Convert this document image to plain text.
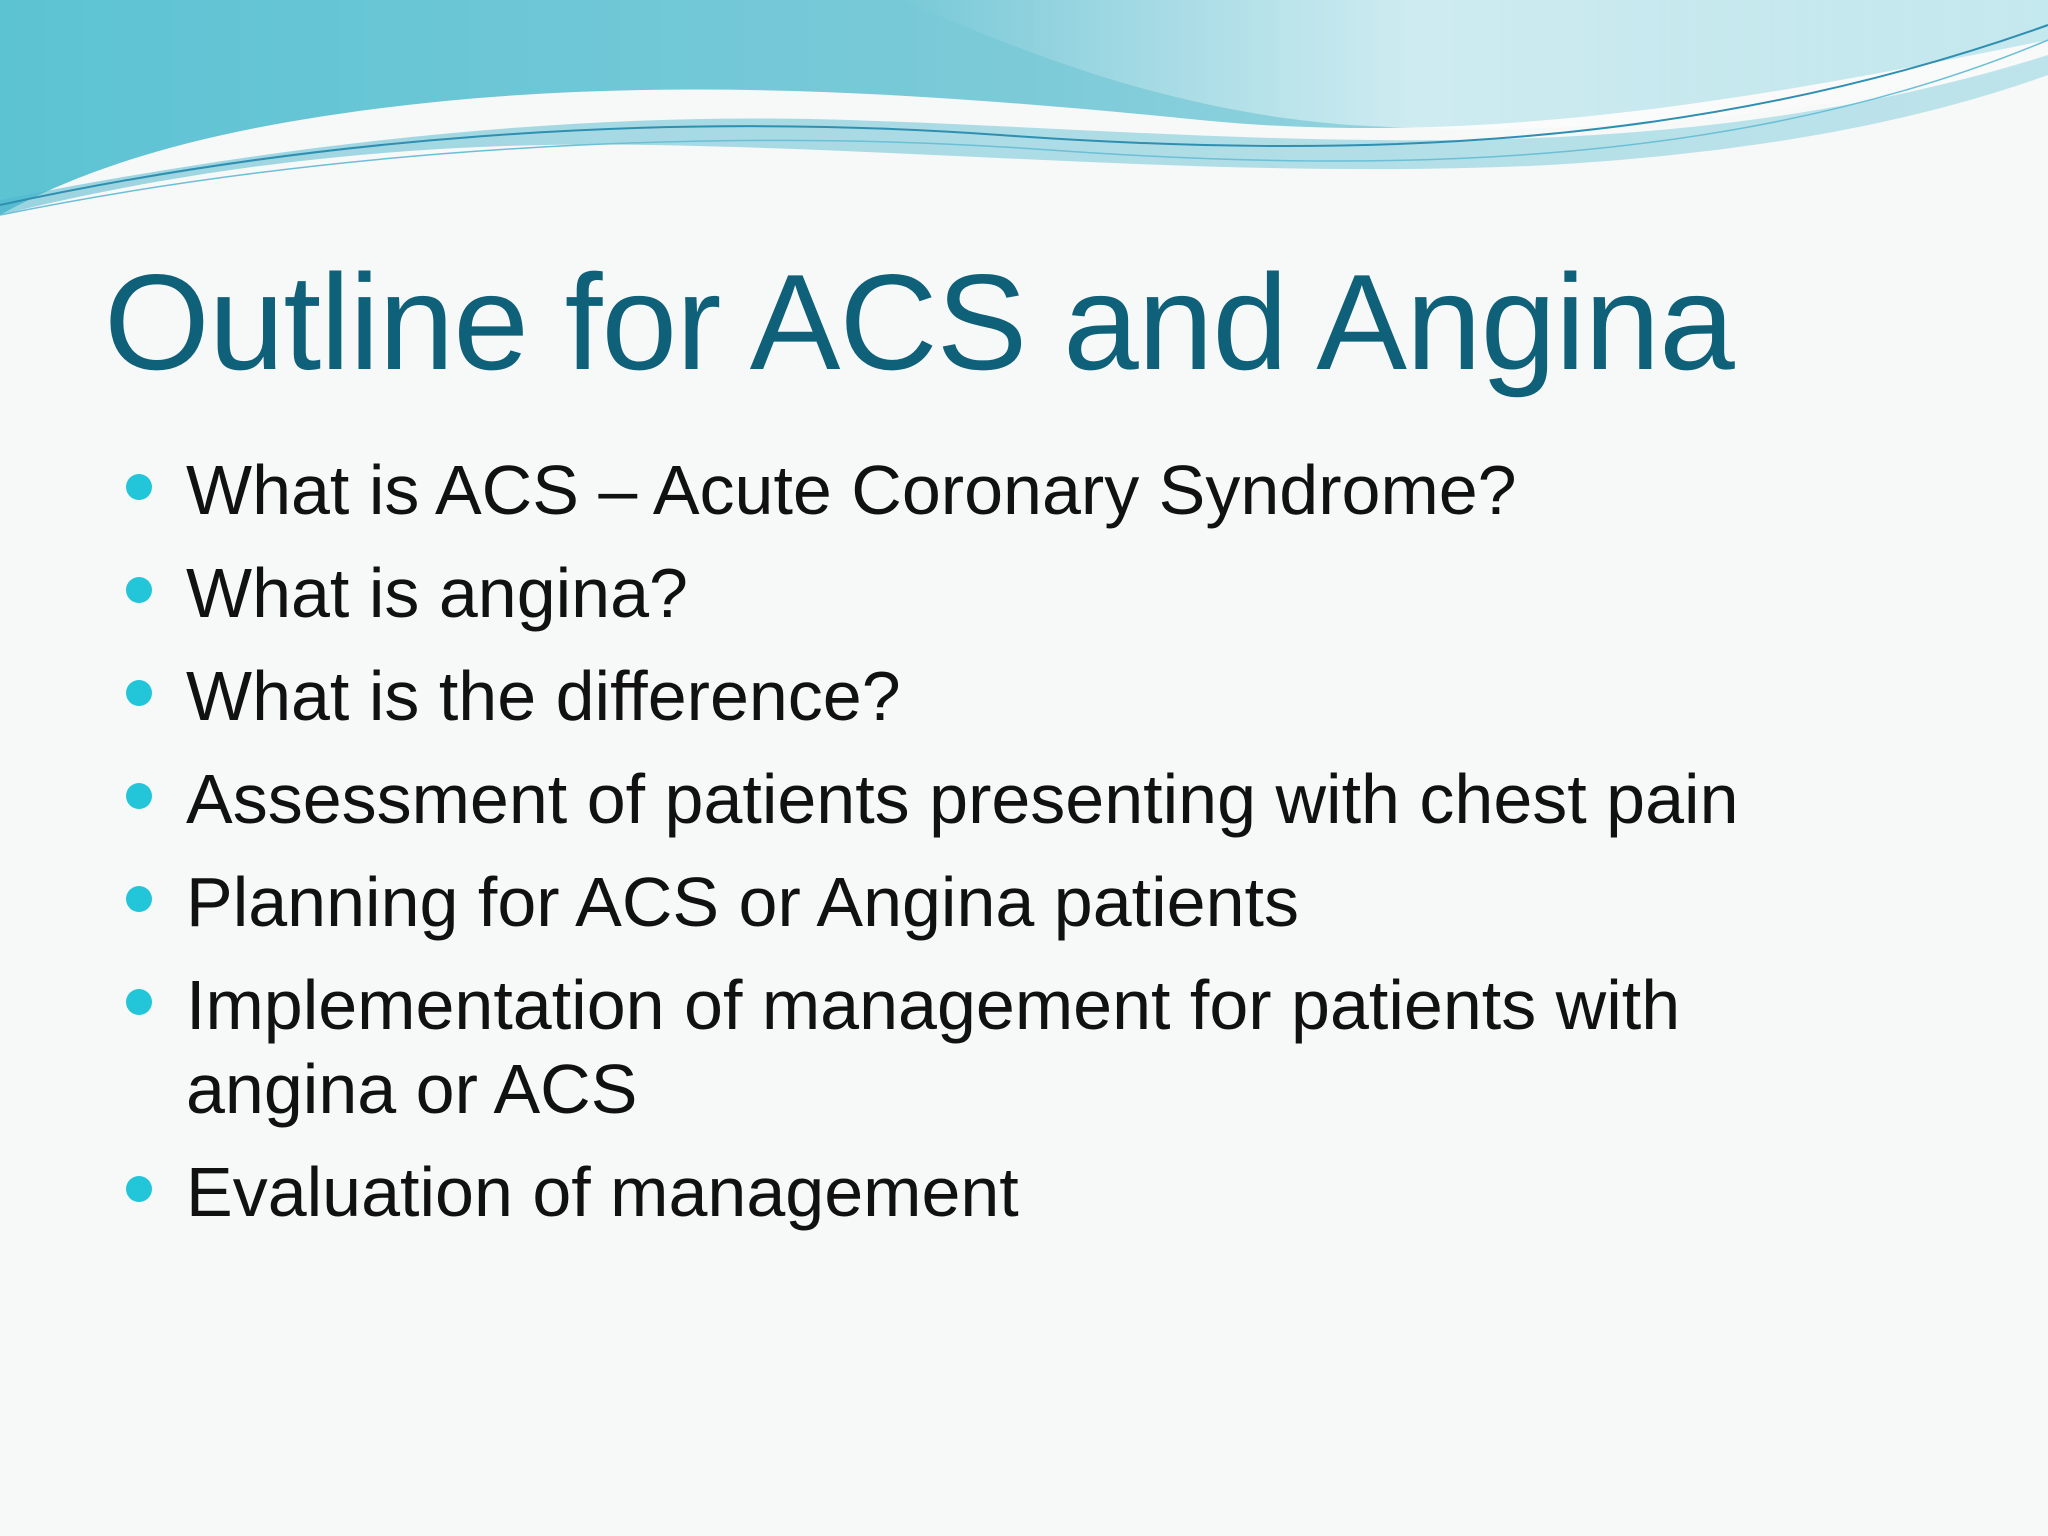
Outline for ACS and Angina
What is ACS – Acute Coronary Syndrome?
What is angina?
What is the difference?
Assessment of patients presenting with chest pain
Planning for ACS or Angina patients
Implementation of management for patients with angina or ACS
Evaluation of management
